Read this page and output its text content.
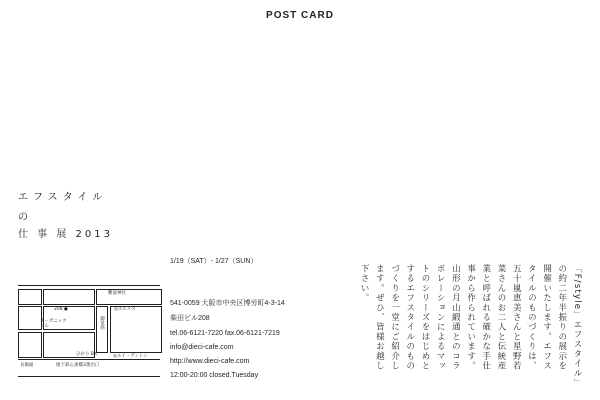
POST CARD
エフスタイル
の
仕 事 展 2013
難波神社
208 ●
オーガニック
ビル	御堂筋
◎エルメス
ひかり BK	◎ルイ・ヴィトン
長堀通	地下鉄心斎橋3番出口
1/19（SAT）- 1/27（SUN）
541-0059 大阪市中央区博労町4-3-14
柴田ビル208
tel.06-6121-7220 fax.06-6121-7219
info@dieci-cafe.com
http://www.dieci-cafe.com
12:00-20:00 closed.Tuesday	「F/style」エフスタイル」
の約二年半振りの展示を
開催いたします。エフス
タイルのものづくりは、
五十嵐恵美さんと星野若
菜さんのお二人と伝統産
業と呼ばれる確かな手仕
事から作られています。
山形の月山緞通とのコラ
ボレーションによるマッ
トのシリーズをはじめと
するエフスタイルのもの
づくりを一堂にご紹介し
ます。ぜひ、皆様お越し
下さい。
